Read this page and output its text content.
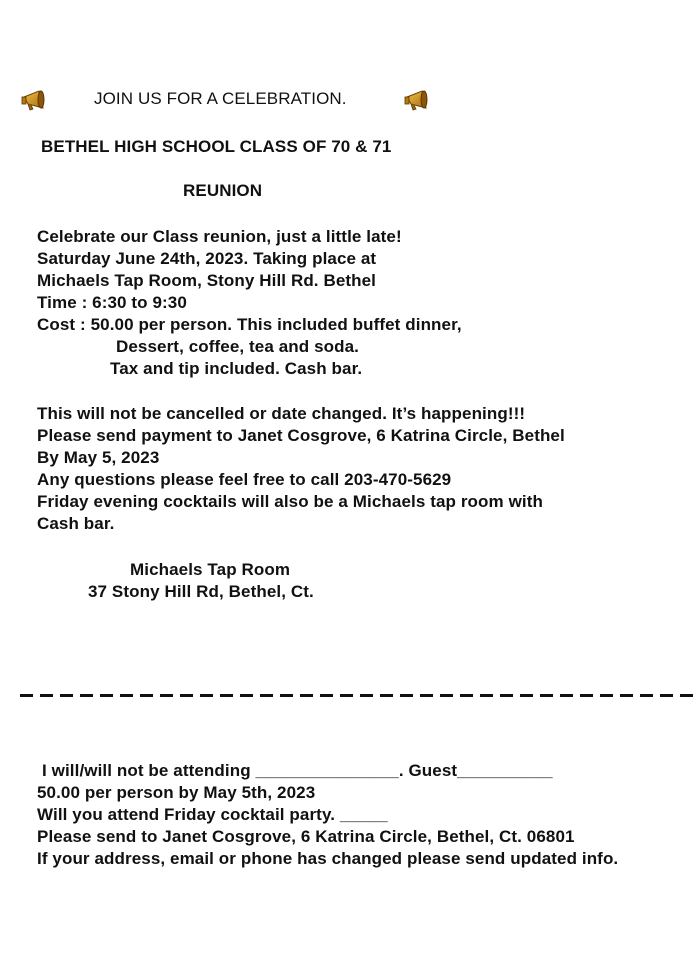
JOIN US FOR A CELEBRATION.
BETHEL HIGH SCHOOL CLASS OF 70 & 71
REUNION
Celebrate our Class reunion, just a little late!
Saturday June 24th, 2023. Taking place at
Michaels Tap Room, Stony Hill Rd. Bethel
Time : 6:30 to 9:30
Cost : 50.00 per person. This included buffet dinner,
Dessert, coffee, tea and soda.
Tax and tip included. Cash bar.
This will not be cancelled or date changed. It’s happening!!!
Please send payment to Janet Cosgrove, 6 Katrina Circle, Bethel
By May 5, 2023
Any questions please feel free to call 203-470-5629
Friday evening cocktails will also be a Michaels tap room with
Cash bar.
Michaels Tap Room
37 Stony Hill Rd, Bethel, Ct.
I will/will not be attending _______________. Guest__________
50.00 per person by May 5th, 2023
Will you attend Friday cocktail party. _____
Please send to Janet Cosgrove, 6 Katrina Circle, Bethel, Ct. 06801
If your address, email or phone has changed please send updated info.
